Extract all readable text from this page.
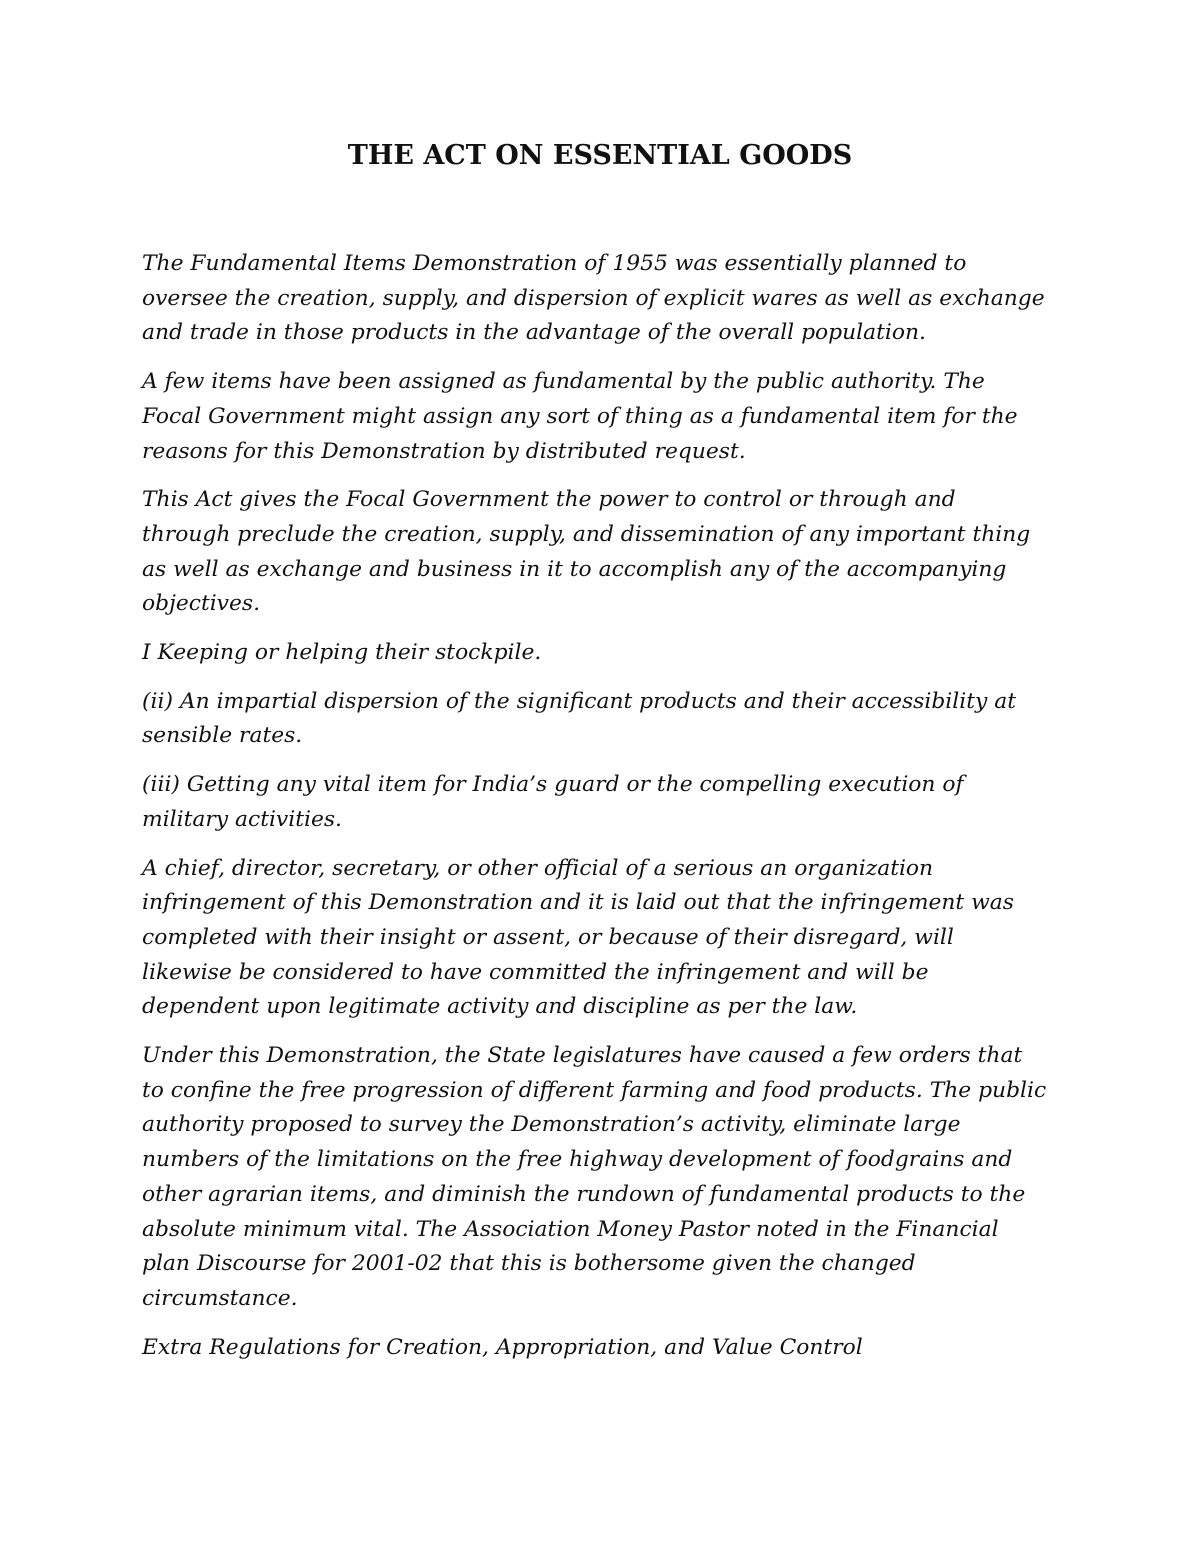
THE ACT ON ESSENTIAL GOODS

The Fundamental Items Demonstration of 1955 was essentially planned to
oversee the creation, supply, and dispersion of explicit wares as well as exchange
and trade in those products in the advantage of the overall population.

A few items have been assigned as fundamental by the public authority. The
Focal Government might assign any sort of thing as a fundamental item for the
reasons for this Demonstration by distributed request.

This Act gives the Focal Government the power to control or through and
through preclude the creation, supply, and dissemination of any important thing
as well as exchange and business in it to accomplish any of the accompanying
objectives.

I Keeping or helping their stockpile.

(ii) An impartial dispersion of the significant products and their accessibility at
sensible rates.

(iii) Getting any vital item for India’s guard or the compelling execution of
military activities.

A chief, director, secretary, or other official of a serious an organization
infringement of this Demonstration and it is laid out that the infringement was
completed with their insight or assent, or because of their disregard, will
likewise be considered to have committed the infringement and will be
dependent upon legitimate activity and discipline as per the law.

Under this Demonstration, the State legislatures have caused a few orders that
to confine the free progression of different farming and food products. The public
authority proposed to survey the Demonstration’s activity, eliminate large
numbers of the limitations on the free highway development of foodgrains and
other agrarian items, and diminish the rundown of fundamental products to the
absolute minimum vital. The Association Money Pastor noted in the Financial
plan Discourse for 2001-02 that this is bothersome given the changed
circumstance.

Extra Regulations for Creation, Appropriation, and Value Control
